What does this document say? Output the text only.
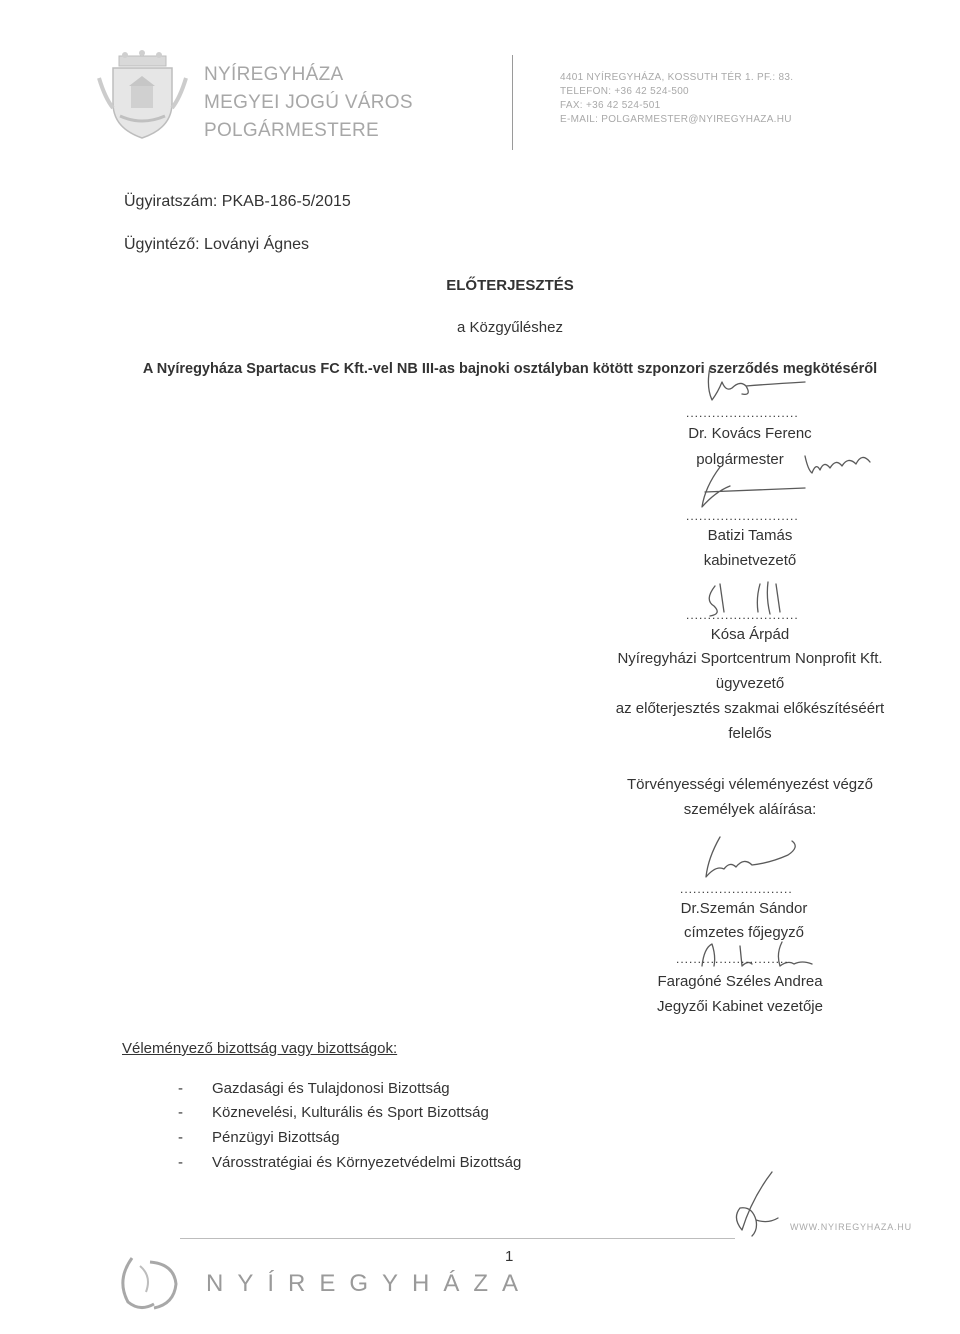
NYÍREGYHÁZA
MEGYEI JOGÚ VÁROS
POLGÁRMESTERE
4401 NYÍREGYHÁZA, KOSSUTH TÉR 1. PF.: 83.
TELEFON: +36 42 524-500
FAX: +36 42 524-501
E-MAIL: POLGARMESTER@NYIREGYHAZA.HU
Ügyiratszám: PKAB-186-5/2015
Ügyintéző: Loványi Ágnes
ELŐTERJESZTÉS
a Közgyűléshez
A Nyíregyháza Spartacus FC Kft.-vel NB III-as bajnoki osztályban kötött szponzori szerződés megkötéséről
..........................
Dr. Kovács Ferenc
polgármester
..........................
Batizi Tamás
kabinetvezető
..........................
Kósa Árpád
Nyíregyházi Sportcentrum Nonprofit Kft.
ügyvezető
az előterjesztés szakmai előkészítéséért
felelős
Törvényességi véleményezést végző
személyek aláírása:
..........................
Dr.Szemán Sándor
címzetes főjegyző
..........................
Faragóné Széles Andrea
Jegyzői Kabinet vezetője
Véleményező bizottság vagy bizottságok:
- Gazdasági és Tulajdonosi Bizottság
- Köznevelési, Kulturális és Sport Bizottság
- Pénzügyi Bizottság
- Városstratégiai és Környezetvédelmi Bizottság
WWW.NYIREGYHAZA.HU
1
NYÍREGYHÁZA
